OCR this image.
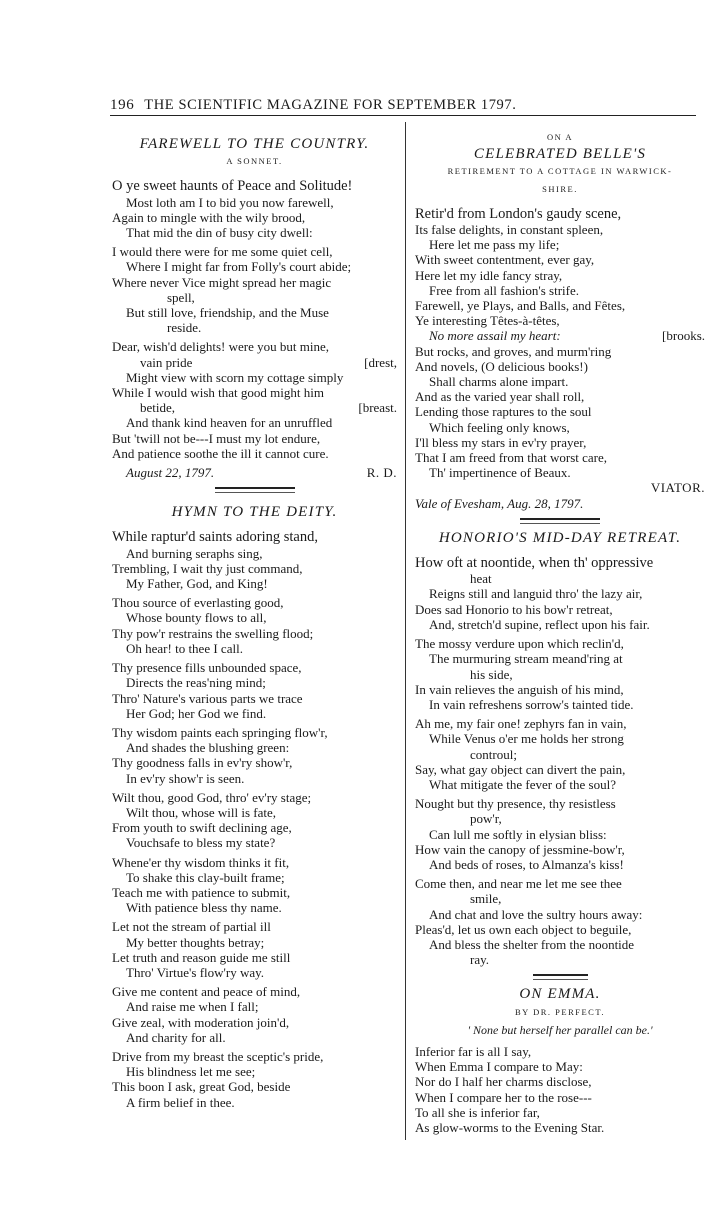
196 THE SCIENTIFIC MAGAZINE FOR SEPTEMBER 1797.
FAREWELL TO THE COUNTRY.
A SONNET.
O ye sweet haunts of Peace and Solitude!
Most loth am I to bid you now farewell,
Again to mingle with the wily brood,
That mid the din of busy city dwell:
I would there were for me some quiet cell,
Where I might far from Folly's court abide;
Where never Vice might spread her magic
spell,
But still love, friendship, and the Muse
reside.
Dear, wish'd delights! were you but mine,
vain pride	[drest,
Might view with scorn my cottage simply
While I would wish that good might him
betide,	[breast.
And thank kind heaven for an unruffled
But 'twill not be---I must my lot endure,
And patience soothe the ill it cannot cure.
August 22, 1797.	R. D.
HYMN TO THE DEITY.
While raptur'd saints adoring stand,
And burning seraphs sing,
Trembling, I wait thy just command,
My Father, God, and King!
Thou source of everlasting good,
Whose bounty flows to all,
Thy pow'r restrains the swelling flood;
Oh hear! to thee I call.
Thy presence fills unbounded space,
Directs the reas'ning mind;
Thro' Nature's various parts we trace
Her God; her God we find.
Thy wisdom paints each springing flow'r,
And shades the blushing green:
Thy goodness falls in ev'ry show'r,
In ev'ry show'r is seen.
Wilt thou, good God, thro' ev'ry stage;
Wilt thou, whose will is fate,
From youth to swift declining age,
Vouchsafe to bless my state?
Whene'er thy wisdom thinks it fit,
To shake this clay-built frame;
Teach me with patience to submit,
With patience bless thy name.
Let not the stream of partial ill
My better thoughts betray;
Let truth and reason guide me still
Thro' Virtue's flow'ry way.
Give me content and peace of mind,
And raise me when I fall;
Give zeal, with moderation join'd,
And charity for all.
Drive from my breast the sceptic's pride,
His blindness let me see;
This boon I ask, great God, beside
A firm belief in thee.
ON A
CELEBRATED BELLE'S
RETIREMENT TO A COTTAGE IN WARWICK-
SHIRE.
Retir'd from London's gaudy scene,
Its false delights, in constant spleen,
Here let me pass my life;
With sweet contentment, ever gay,
Here let my idle fancy stray,
Free from all fashion's strife.
Farewell, ye Plays, and Balls, and Fêtes,
Ye interesting Têtes-à-têtes,
No more assail my heart:	[brooks.
But rocks, and groves, and murm'ring
And novels, (O delicious books!)
Shall charms alone impart.
And as the varied year shall roll,
Lending those raptures to the soul
Which feeling only knows,
I'll bless my stars in ev'ry prayer,
That I am freed from that worst care,
Th' impertinence of Beaux.
VIATOR.
Vale of Evesham, Aug. 28, 1797.
HONORIO'S MID-DAY RETREAT.
How oft at noontide, when th' oppressive
heat
Reigns still and languid thro' the lazy air,
Does sad Honorio to his bow'r retreat,
And, stretch'd supine, reflect upon his fair.
The mossy verdure upon which reclin'd,
The murmuring stream meand'ring at
his side,
In vain relieves the anguish of his mind,
In vain refreshens sorrow's tainted tide.
Ah me, my fair one! zephyrs fan in vain,
While Venus o'er me holds her strong
controul;
Say, what gay object can divert the pain,
What mitigate the fever of the soul?
Nought but thy presence, thy resistless
pow'r,
Can lull me softly in elysian bliss:
How vain the canopy of jessmine-bow'r,
And beds of roses, to Almanza's kiss!
Come then, and near me let me see thee
smile,
And chat and love the sultry hours away:
Pleas'd, let us own each object to beguile,
And bless the shelter from the noontide
ray.
ON EMMA.
BY DR. PERFECT.
' None but herself her parallel can be.'
Inferior far is all I say,
When Emma I compare to May:
Nor do I half her charms disclose,
When I compare her to the rose---
To all she is inferior far,
As glow-worms to the Evening Star.
